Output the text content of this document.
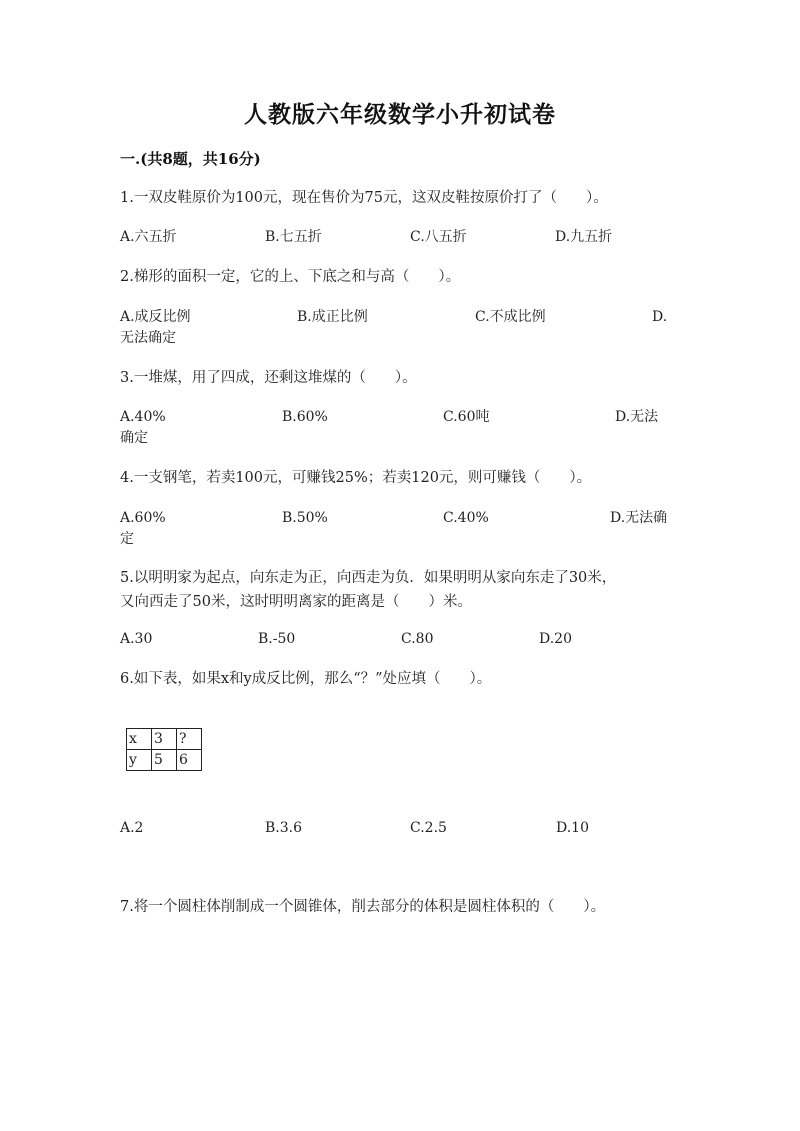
人教版六年级数学小升初试卷
一.(共8题，共16分)
1.一双皮鞋原价为100元，现在售价为75元，这双皮鞋按原价打了（　　）。
A.六五折	B.七五折	C.八五折	D.九五折
2.梯形的面积一定，它的上、下底之和与高（　　）。
A.成反比例	B.成正比例	C.不成比例	D.
无法确定
3.一堆煤，用了四成，还剩这堆煤的（　　）。
A.40%	B.60%	C.60吨	D.无法
确定
4.一支钢笔，若卖100元，可赚钱25%；若卖120元，则可赚钱（　　）。
A.60%	B.50%	C.40%	D.无法确
定
5.以明明家为起点，向东走为正，向西走为负．如果明明从家向东走了30米，
又向西走了50米，这时明明离家的距离是（　　）米。
A.30	B.-50	C.80	D.20
6.如下表，如果x和y成反比例，那么“？”处应填（　　）。
x	3	?
y	5	6
A.2	B.3.6	C.2.5	D.10
7.将一个圆柱体削制成一个圆锥体，削去部分的体积是圆柱体积的（　　）。
